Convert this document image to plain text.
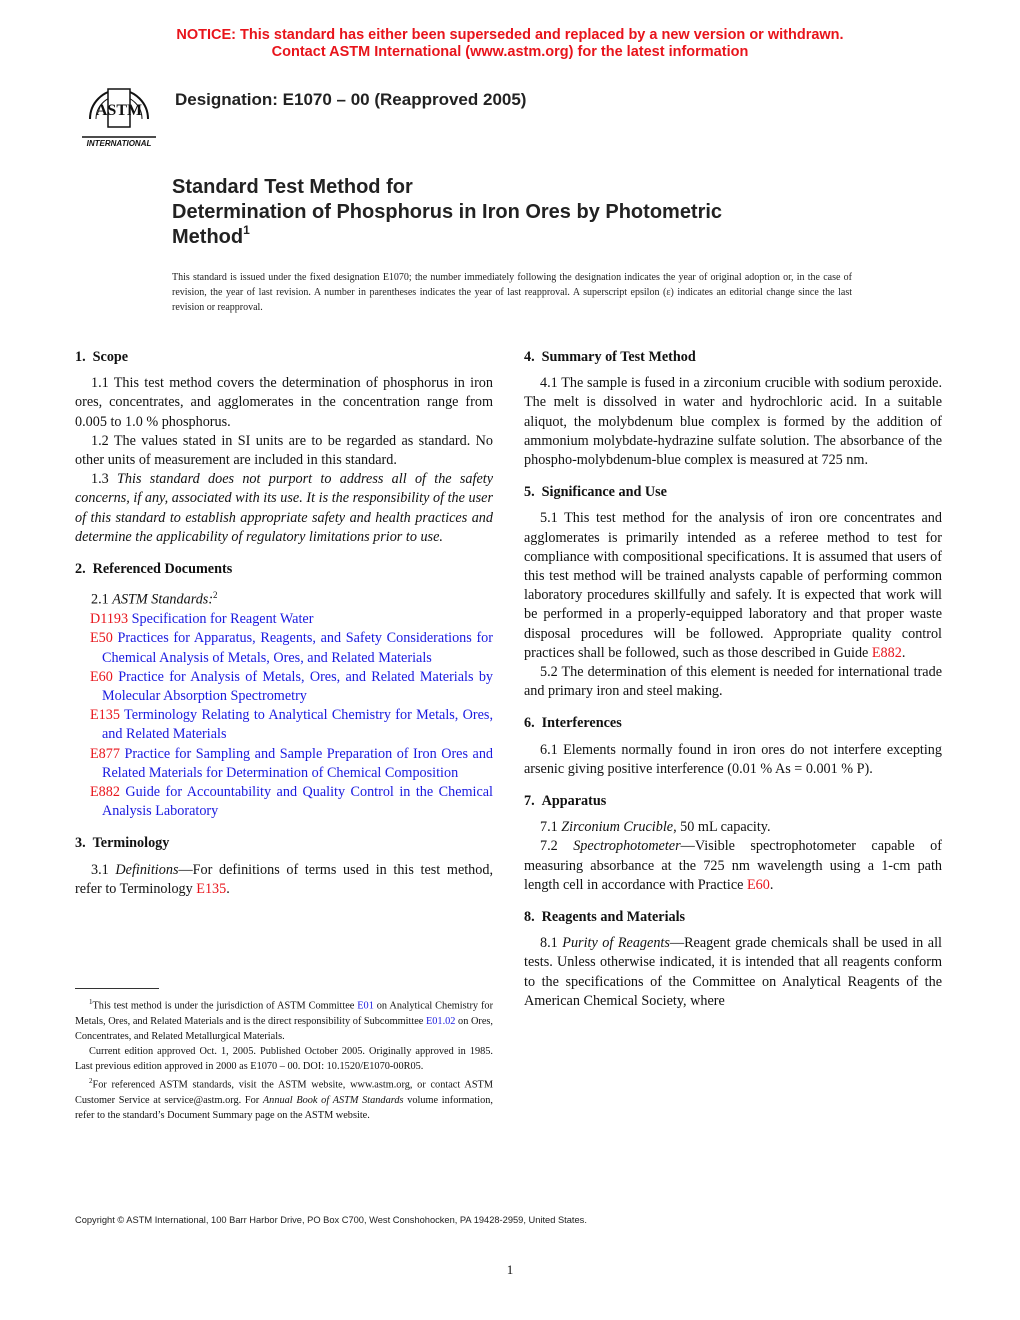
NOTICE: This standard has either been superseded and replaced by a new version or withdrawn.
Contact ASTM International (www.astm.org) for the latest information
ASTM
INTERNATIONAL
Designation: E1070 – 00 (Reapproved 2005)
Standard Test Method for
Determination of Phosphorus in Iron Ores by Photometric
Method$^1$
This standard is issued under the fixed designation E1070; the number immediately following the designation indicates the year of original adoption or, in the case of revision, the year of last revision. A number in parentheses indicates the year of last reapproval. A superscript epsilon (ε) indicates an editorial change since the last revision or reapproval.
1. Scope

1.1 This test method covers the determination of phosphorus in iron ores, concentrates, and agglomerates in the concentration range from 0.005 to 1.0 % phosphorus.

1.2 The values stated in SI units are to be regarded as standard. No other units of measurement are included in this standard.

1.3 This standard does not purport to address all of the safety concerns, if any, associated with its use. It is the responsibility of the user of this standard to establish appropriate safety and health practices and determine the applicability of regulatory limitations prior to use.

2. Referenced Documents

2.1 ASTM Standards:$^2$

D1193 Specification for Reagent Water

E50 Practices for Apparatus, Reagents, and Safety Considerations for Chemical Analysis of Metals, Ores, and Related Materials

E60 Practice for Analysis of Metals, Ores, and Related Materials by Molecular Absorption Spectrometry

E135 Terminology Relating to Analytical Chemistry for Metals, Ores, and Related Materials

E877 Practice for Sampling and Sample Preparation of Iron Ores and Related Materials for Determination of Chemical Composition

E882 Guide for Accountability and Quality Control in the Chemical Analysis Laboratory

3. Terminology

3.1 Definitions—For definitions of terms used in this test method, refer to Terminology E135.

4. Summary of Test Method

4.1 The sample is fused in a zirconium crucible with sodium peroxide. The melt is dissolved in water and hydrochloric acid. In a suitable aliquot, the molybdenum blue complex is formed by the addition of ammonium molybdate-hydrazine sulfate solution. The absorbance of the phospho-molybdenum-blue complex is measured at 725 nm.

5. Significance and Use

5.1 This test method for the analysis of iron ore concentrates and agglomerates is primarily intended as a referee method to test for compliance with compositional specifications. It is assumed that users of this test method will be trained analysts capable of performing common laboratory procedures skillfully and safely. It is expected that work will be performed in a properly-equipped laboratory and that proper waste disposal procedures will be followed. Appropriate quality control practices shall be followed, such as those described in Guide E882.

5.2 The determination of this element is needed for international trade and primary iron and steel making.

6. Interferences

6.1 Elements normally found in iron ores do not interfere excepting arsenic giving positive interference (0.01 % As = 0.001 % P).

7. Apparatus

7.1 Zirconium Crucible, 50 mL capacity.

7.2 Spectrophotometer—Visible spectrophotometer capable of measuring absorbance at the 725 nm wavelength using a 1-cm path length cell in accordance with Practice E60.

8. Reagents and Materials

8.1 Purity of Reagents—Reagent grade chemicals shall be used in all tests. Unless otherwise indicated, it is intended that all reagents conform to the specifications of the Committee on Analytical Reagents of the American Chemical Society, where

$^1$This test method is under the jurisdiction of ASTM Committee E01 on Analytical Chemistry for Metals, Ores, and Related Materials and is the direct responsibility of Subcommittee E01.02 on Ores, Concentrates, and Related Metallurgical Materials.

Current edition approved Oct. 1, 2005. Published October 2005. Originally approved in 1985. Last previous edition approved in 2000 as E1070 – 00. DOI: 10.1520/E1070-00R05.

$^2$For referenced ASTM standards, visit the ASTM website, www.astm.org, or contact ASTM Customer Service at service@astm.org. For Annual Book of ASTM Standards volume information, refer to the standard’s Document Summary page on the ASTM website.

Copyright © ASTM International, 100 Barr Harbor Drive, PO Box C700, West Conshohocken, PA 19428-2959, United States.
1
